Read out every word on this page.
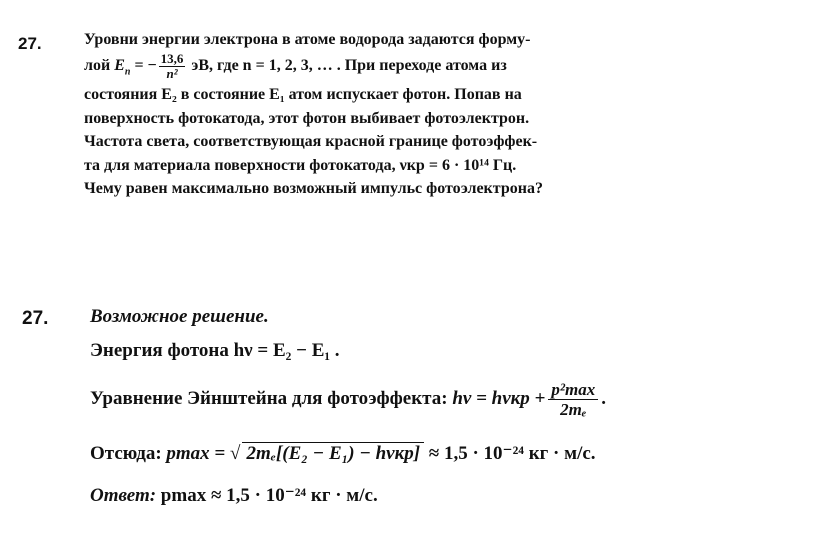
27.	Уровни энергии электрона в атоме водорода задаются форму-
лой $E_n$ = − $\frac{13,6}{\text{n²}}$ эВ, где n = 1, 2, 3, … . При переходе атома из
состояния E₂ в состояние E₁ атом испускает фотон. Попав на
поверхность фотокатода, этот фотон выбивает фотоэлектрон.
Частота света, соответствующая красной границе фотоэффек-
та для материала поверхности фотокатода, νкр = 6 · 10¹⁴ Гц.
Чему равен максимально возможный импульс фотоэлектрона?
27. Возможное решение.
Энергия фотона hν = E₂ − E₁ .
Уравнение Эйнштейна для фотоэффекта: hν = hνкр + p²max
2mₑ
.
Отсюда: pmax = √ 2mₑ[(E₂ − E₁) − hνкр] ≈ 1,5 · 10⁻²⁴ кг · м/с.
Ответ: pmax ≈ 1,5 · 10⁻²⁴ кг · м/с.
